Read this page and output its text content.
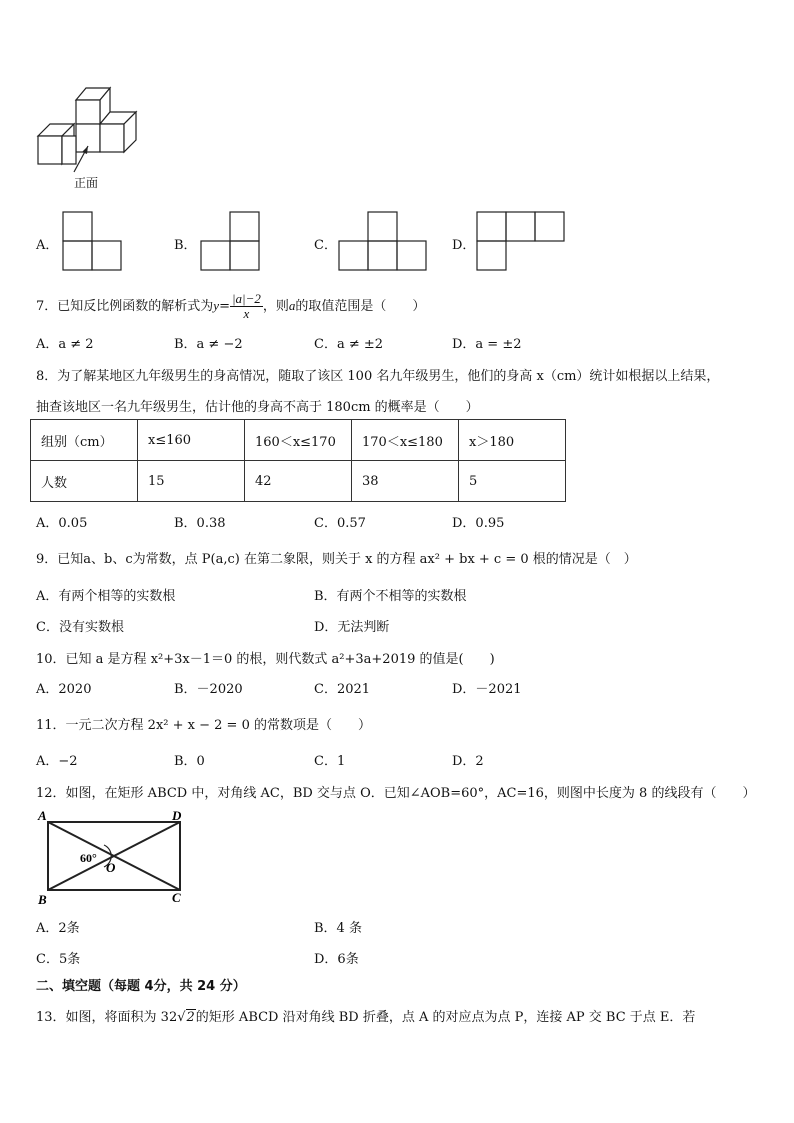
正面
A．	B．	C．	D．
7．已知反比例函数的解析式为$y= \frac{|a|-2}{x}$ ，则a的取值范围是（　　）
A．a ≠ 2	B．a ≠ −2	C．a ≠ ±2	D．a = ±2
8．为了解某地区九年级男生的身高情况，随取了该区 100 名九年级男生，他们的身高 x（cm）统计如根据以上结果，
抽查该地区一名九年级男生，估计他的身高不高于 180cm 的概率是（　　）
组别（cm）	x≤160	160＜x≤170	170＜x≤180	x＞180
人数	15	42	38	5
A．0.05	B．0.38	C．0.57	D．0.95
9．已知a、b、c为常数，点 P(a,c) 在第二象限，则关于 x 的方程 ax² + bx + c = 0 根的情况是（　）
A．有两个相等的实数根	B．有两个不相等的实数根
C．没有实数根	D．无法判断
10．已知 a 是方程 x²+3x－1＝0 的根，则代数式 a²+3a+2019 的值是(　　)
A．2020	B．－2020	C．2021	D．－2021
11．一元二次方程 2x² + x − 2 = 0 的常数项是（　　）
A．−2	B．0	C．1	D．2
12．如图，在矩形 ABCD 中，对角线 AC，BD 交与点 O．已知∠AOB=60°，AC=16，则图中长度为 8 的线段有（　　）
A	D
B	C
O
60°
A．2条	B．4 条
C．5条	D．6条
二、填空题（每题 4分，共 24 分）
13．如图，将面积为 32√2的矩形 ABCD 沿对角线 BD 折叠，点 A 的对应点为点 P，连接 AP 交 BC 于点 E．若
